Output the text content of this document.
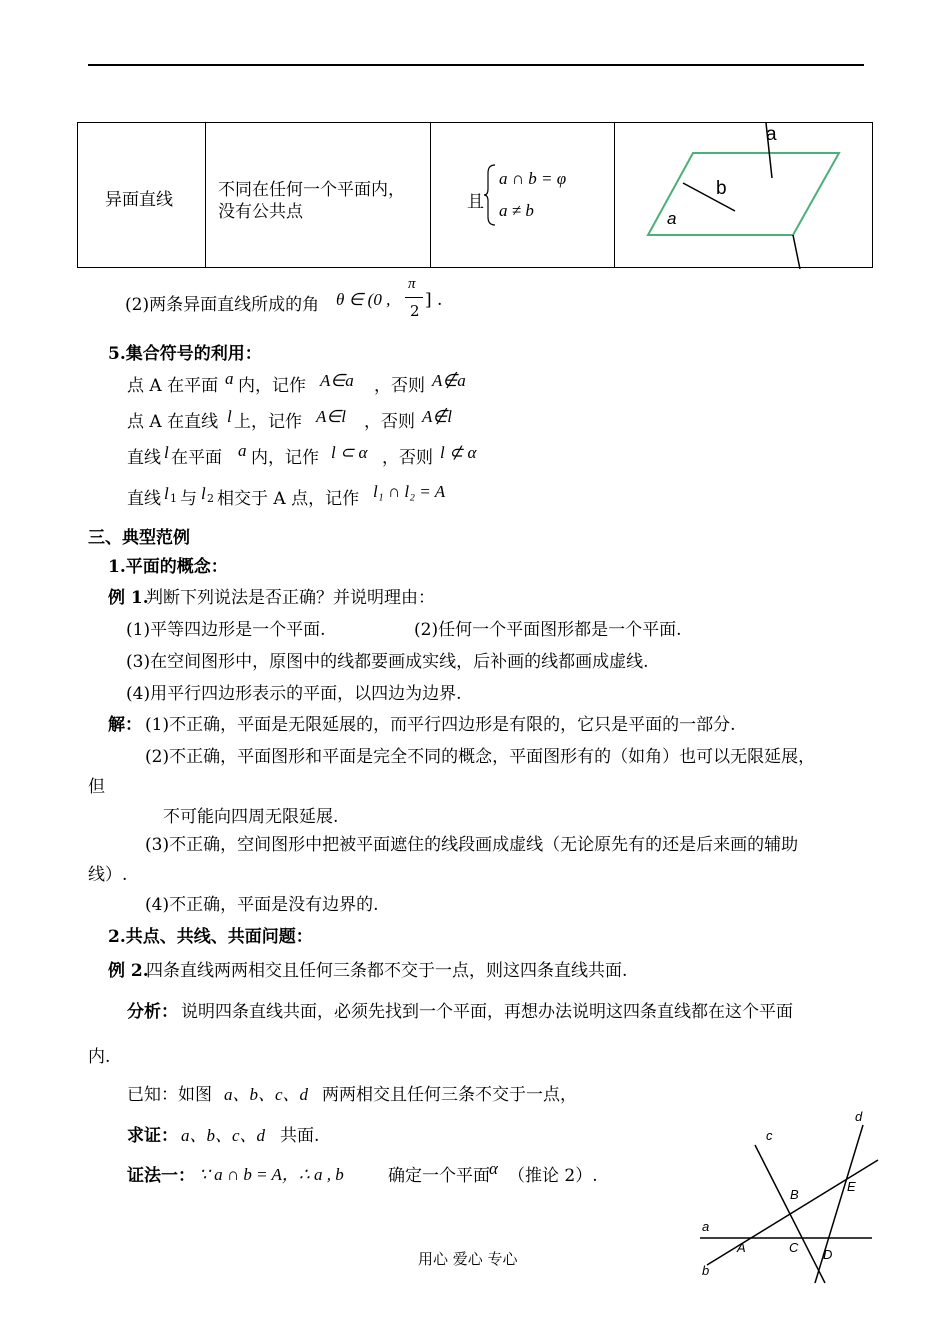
异面直线	不同在任何一个平面内，
没有公共点	且
a ∩ b = φ
a ≠ b
a
b
a
(2)两条异面直线所成的角 θ ∈ (0 ,
π
2
] .
5.集合符号的利用：
点 A 在平面 a 内，记作 A∈a ，否则 A∉a
点 A 在直线 l 上，记作 A∈l ，否则 A∉l
直线 l 在平面 a 内，记作 l ⊂ α ，否则 l ⊄ α
直线 l 1 与 l 2 相交于 A 点，记作 l₁ ∩ l₂ = A
三、典型范例
1.平面的概念：
例 1.
判断下列说法是否正确？并说明理由：
(1)平等四边形是一个平面.	(2)任何一个平面图形都是一个平面.
(3)在空间图形中，原图中的线都要画成实线，后补画的线都画成虚线.
(4)用平行四边形表示的平面，以四边为边界.
解： (1)不正确，平面是无限延展的，而平行四边形是有限的，它只是平面的一部分.
(2)不正确，平面图形和平面是完全不同的概念，平面图形有的（如角）也可以无限延展，
但
不可能向四周无限延展.
(3)不正确，空间图形中把被平面遮住的线段画成虚线（无论原先有的还是后来画的辅助
线）.
(4)不正确，平面是没有边界的.
2.共点、共线、共面问题：
例 2.
四条直线两两相交且任何三条都不交于一点，则这四条直线共面.
分析： 说明四条直线共面，必须先找到一个平面，再想办法说明这四条直线都在这个平面
内.
已知：如图 a、b、c、d 两两相交且任何三条不交于一点，
求证： a、b、c、d 共面.
证法一： ∵ a ∩ b = A，∴ a , b	确定一个平面 α （推论 2）.
d
c
B
E
a
A	C D
b
用心 爱心 专心
